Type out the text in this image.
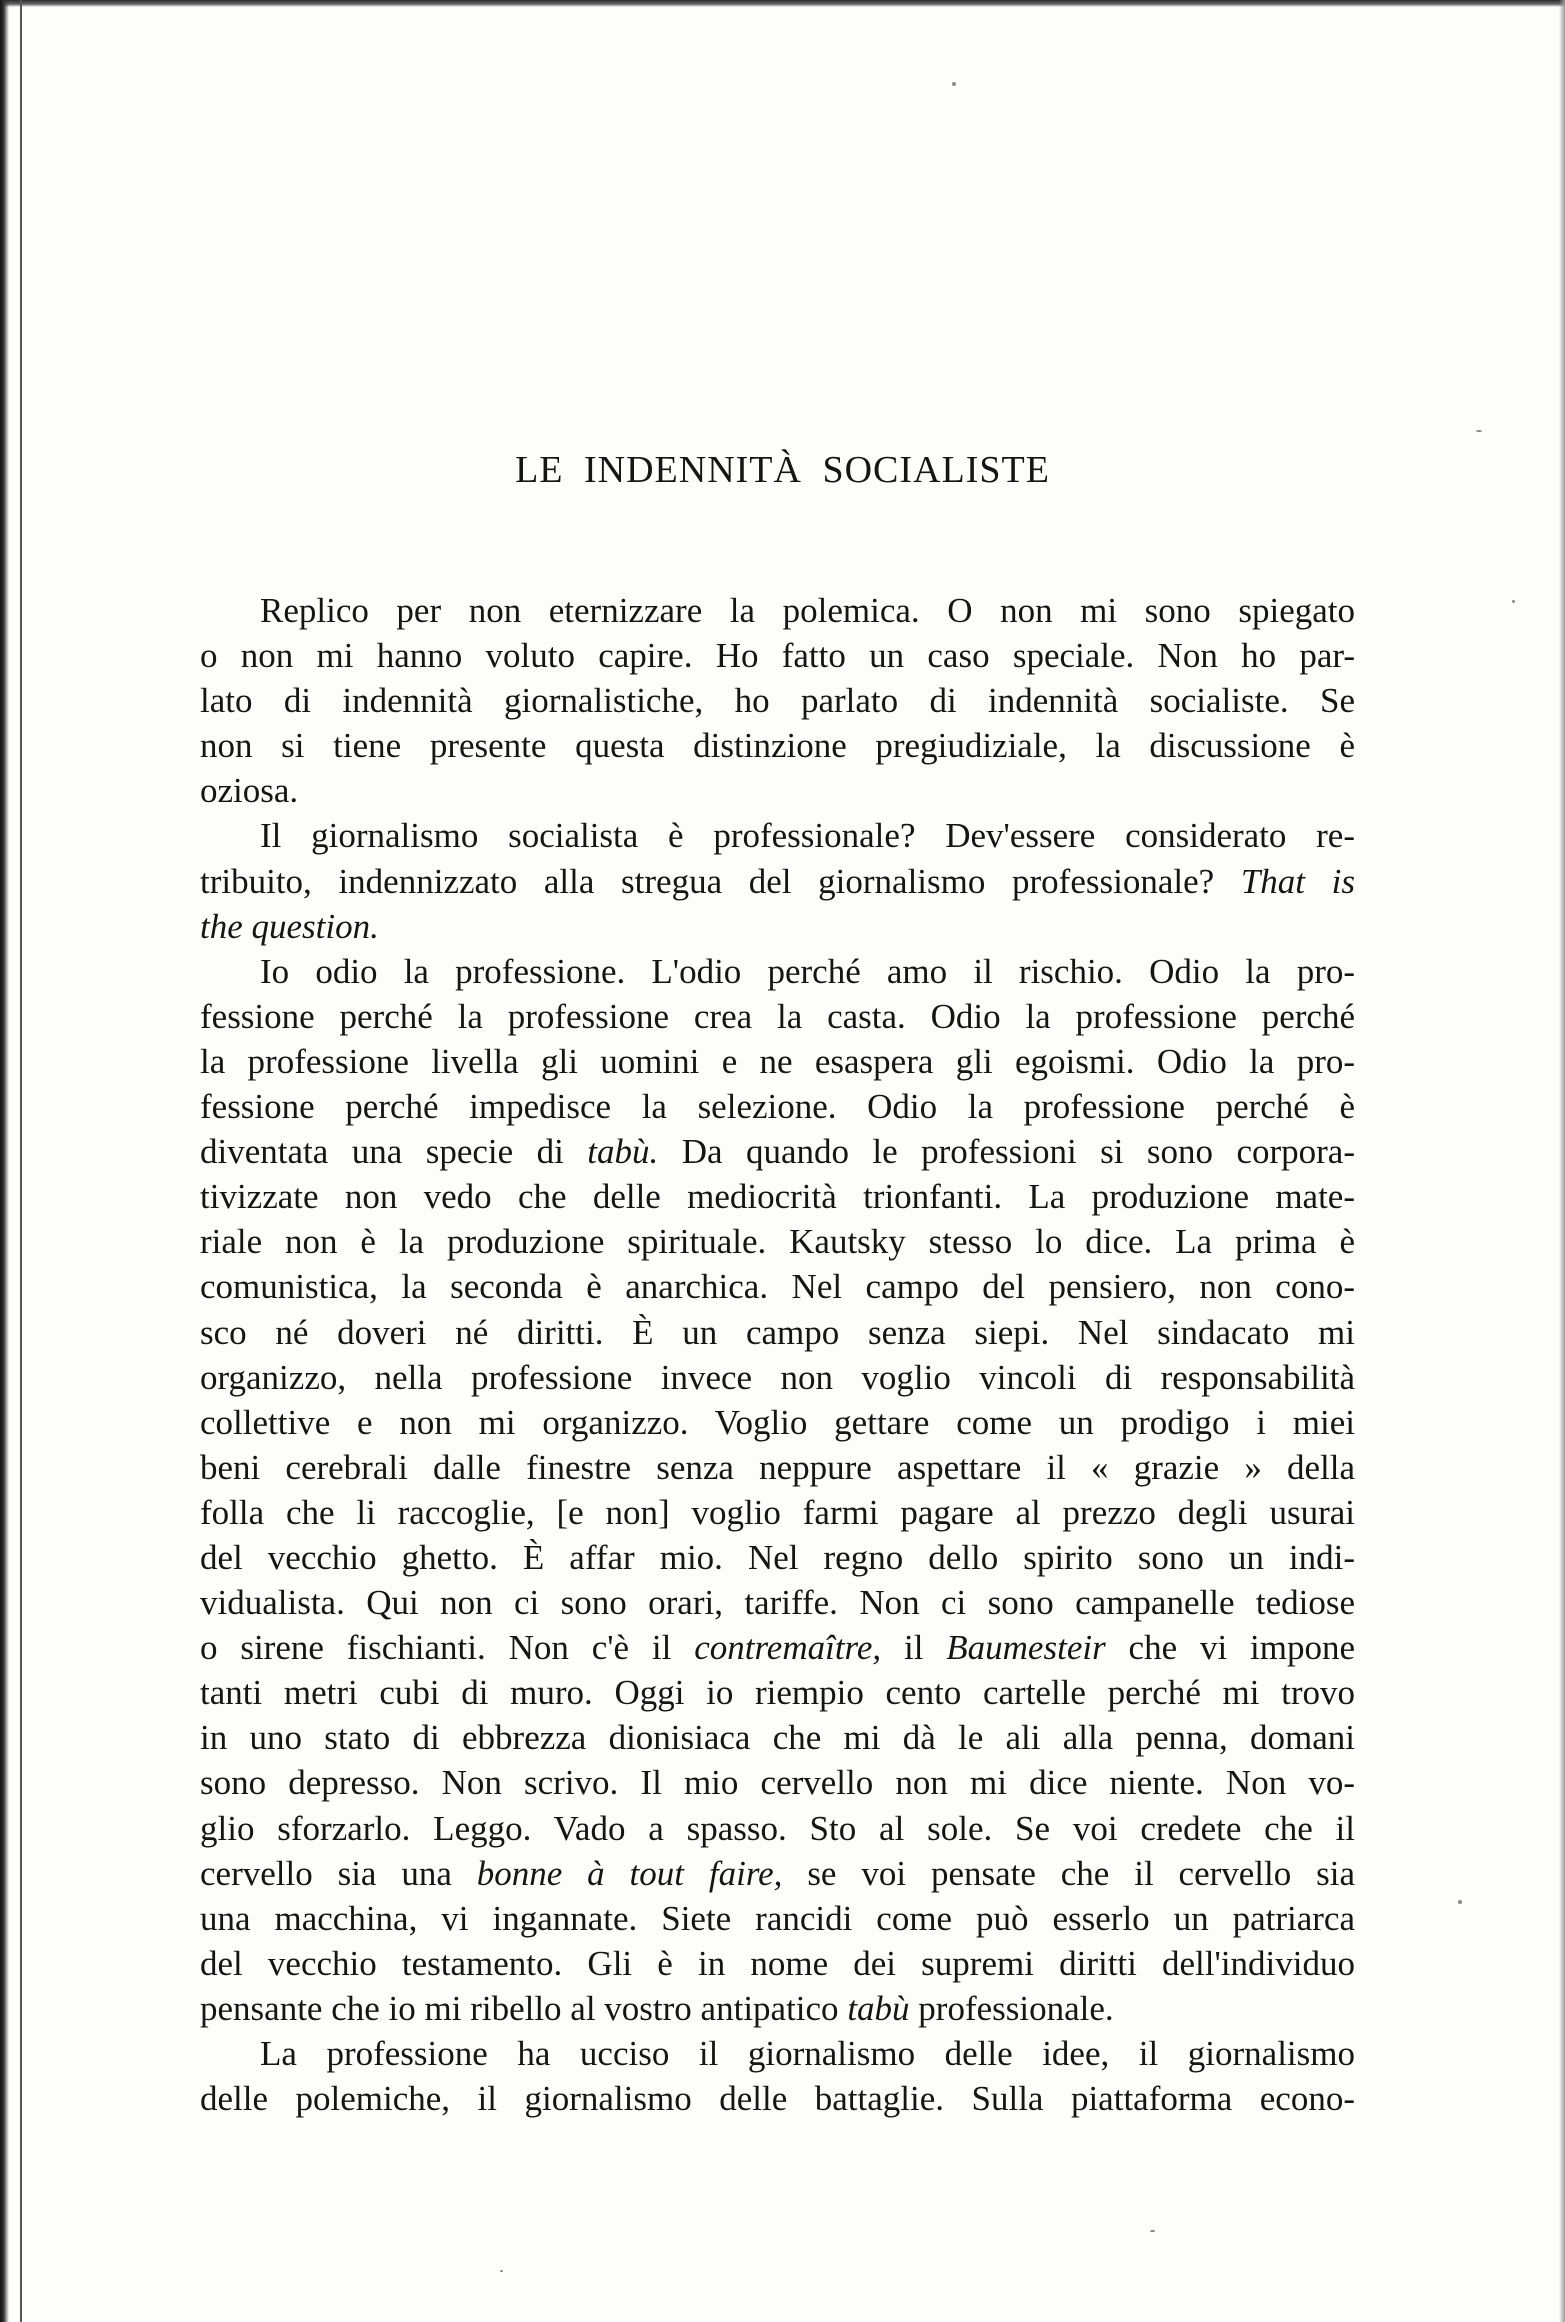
LE INDENNITÀ SOCIALISTE
Replico per non eternizzare la polemica. O non mi sono spiegato
o non mi hanno voluto capire. Ho fatto un caso speciale. Non ho par-
lato di indennità giornalistiche, ho parlato di indennità socialiste. Se
non si tiene presente questa distinzione pregiudiziale, la discussione è
oziosa.
Il giornalismo socialista è professionale? Dev'essere considerato re-
tribuito, indennizzato alla stregua del giornalismo professionale? That is
the question.
Io odio la professione. L'odio perché amo il rischio. Odio la pro-
fessione perché la professione crea la casta. Odio la professione perché
la professione livella gli uomini e ne esaspera gli egoismi. Odio la pro-
fessione perché impedisce la selezione. Odio la professione perché è
diventata una specie di tabù. Da quando le professioni si sono corpora-
tivizzate non vedo che delle mediocrità trionfanti. La produzione mate-
riale non è la produzione spirituale. Kautsky stesso lo dice. La prima è
comunistica, la seconda è anarchica. Nel campo del pensiero, non cono-
sco né doveri né diritti. È un campo senza siepi. Nel sindacato mi
organizzo, nella professione invece non voglio vincoli di responsabilità
collettive e non mi organizzo. Voglio gettare come un prodigo i miei
beni cerebrali dalle finestre senza neppure aspettare il « grazie » della
folla che li raccoglie, [e non] voglio farmi pagare al prezzo degli usurai
del vecchio ghetto. È affar mio. Nel regno dello spirito sono un indi-
vidualista. Qui non ci sono orari, tariffe. Non ci sono campanelle tediose
o sirene fischianti. Non c'è il contremaître, il Baumesteir che vi impone
tanti metri cubi di muro. Oggi io riempio cento cartelle perché mi trovo
in uno stato di ebbrezza dionisiaca che mi dà le ali alla penna, domani
sono depresso. Non scrivo. Il mio cervello non mi dice niente. Non vo-
glio sforzarlo. Leggo. Vado a spasso. Sto al sole. Se voi credete che il
cervello sia una bonne à tout faire, se voi pensate che il cervello sia
una macchina, vi ingannate. Siete rancidi come può esserlo un patriarca
del vecchio testamento. Gli è in nome dei supremi diritti dell'individuo
pensante che io mi ribello al vostro antipatico tabù professionale.
La professione ha ucciso il giornalismo delle idee, il giornalismo
delle polemiche, il giornalismo delle battaglie. Sulla piattaforma econo-
